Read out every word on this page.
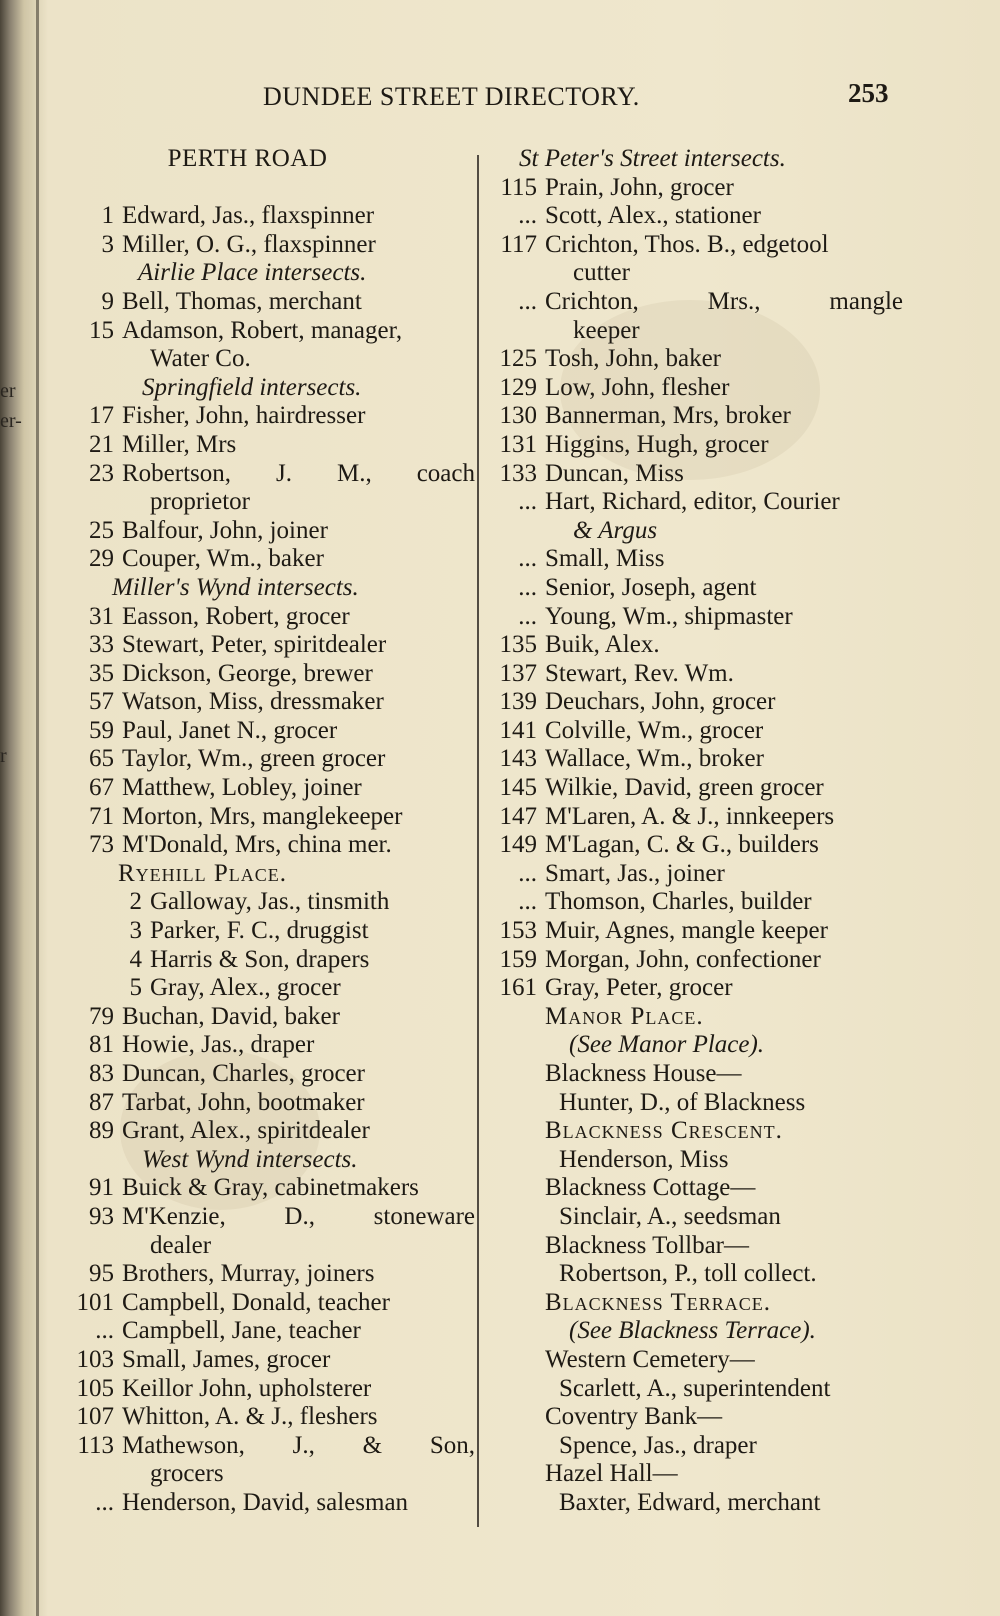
er
er-
r
DUNDEE STREET DIRECTORY.	253
PERTH ROAD
1 Edward, Jas., flaxspinner
3 Miller, O. G., flaxspinner
Airlie Place intersects.
9 Bell, Thomas, merchant
15 Adamson, Robert, manager,
Water Co.
Springfield intersects.
17 Fisher, John, hairdresser
21 Miller, Mrs
23 Robertson, J. M., coach
proprietor
25 Balfour, John, joiner
29 Couper, Wm., baker
Miller's Wynd intersects.
31 Easson, Robert, grocer
33 Stewart, Peter, spiritdealer
35 Dickson, George, brewer
57 Watson, Miss, dressmaker
59 Paul, Janet N., grocer
65 Taylor, Wm., green grocer
67 Matthew, Lobley, joiner
71 Morton, Mrs, manglekeeper
73 M'Donald, Mrs, china mer.
Ryehill Place.
2 Galloway, Jas., tinsmith
3 Parker, F. C., druggist
4 Harris & Son, drapers
5 Gray, Alex., grocer
79 Buchan, David, baker
81 Howie, Jas., draper
83 Duncan, Charles, grocer
87 Tarbat, John, bootmaker
89 Grant, Alex., spiritdealer
West Wynd intersects.
91 Buick & Gray, cabinetmakers
93 M'Kenzie, D., stoneware
dealer
95 Brothers, Murray, joiners
101 Campbell, Donald, teacher
... Campbell, Jane, teacher
103 Small, James, grocer
105 Keillor John, upholsterer
107 Whitton, A. & J., fleshers
113 Mathewson, J., & Son,
grocers
... Henderson, David, salesman
St Peter's Street intersects.
115 Prain, John, grocer
... Scott, Alex., stationer
117 Crichton, Thos. B., edgetool
cutter
... Crichton, Mrs., mangle
keeper
125 Tosh, John, baker
129 Low, John, flesher
130 Bannerman, Mrs, broker
131 Higgins, Hugh, grocer
133 Duncan, Miss
... Hart, Richard, editor, Courier
& Argus
... Small, Miss
... Senior, Joseph, agent
... Young, Wm., shipmaster
135 Buik, Alex.
137 Stewart, Rev. Wm.
139 Deuchars, John, grocer
141 Colville, Wm., grocer
143 Wallace, Wm., broker
145 Wilkie, David, green grocer
147 M'Laren, A. & J., innkeepers
149 M'Lagan, C. & G., builders
... Smart, Jas., joiner
... Thomson, Charles, builder
153 Muir, Agnes, mangle keeper
159 Morgan, John, confectioner
161 Gray, Peter, grocer
Manor Place.
(See Manor Place).
Blackness House—
Hunter, D., of Blackness
Blackness Crescent.
Henderson, Miss
Blackness Cottage—
Sinclair, A., seedsman
Blackness Tollbar—
Robertson, P., toll collect.
Blackness Terrace.
(See Blackness Terrace).
Western Cemetery—
Scarlett, A., superintendent
Coventry Bank—
Spence, Jas., draper
Hazel Hall—
Baxter, Edward, merchant
